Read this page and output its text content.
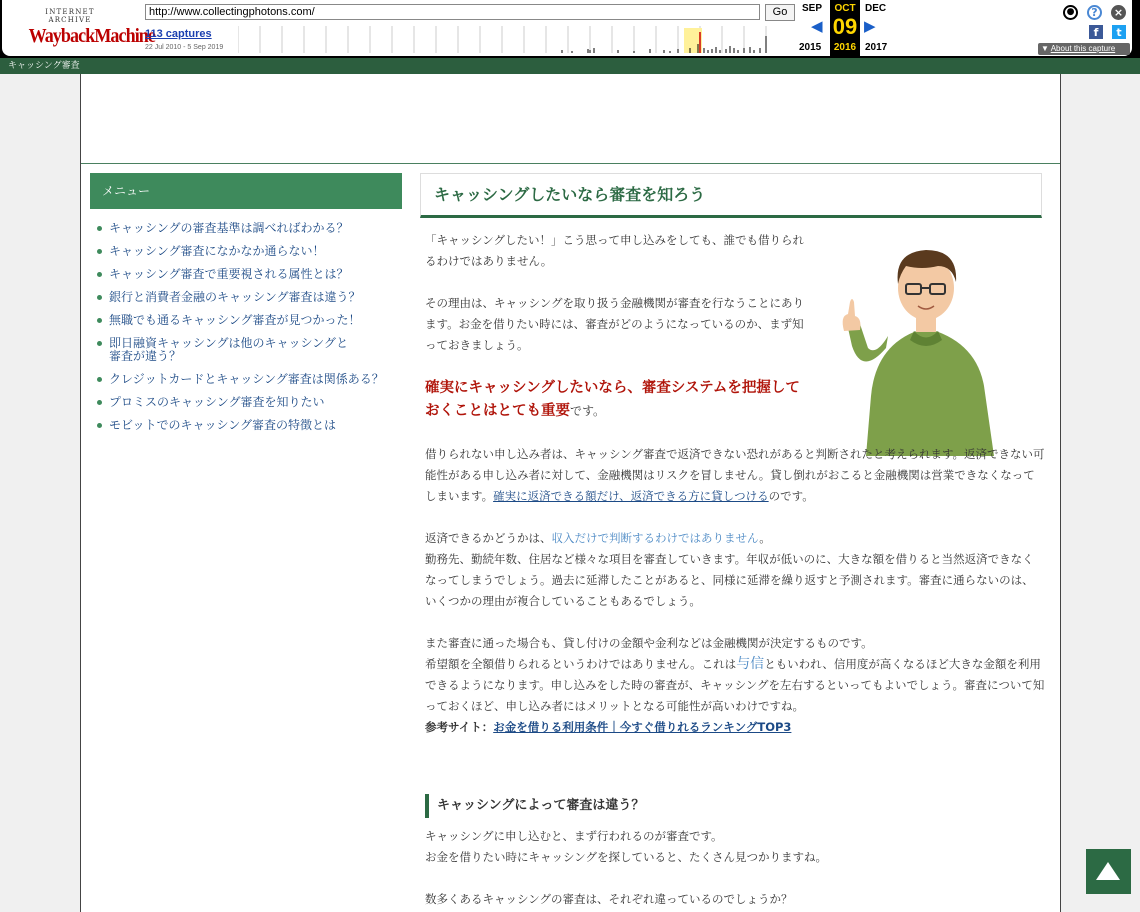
INTERNET ARCHIVE
WaybackMachine
http://www.collectingphotons.com/
Go
113 captures
22 Jul 2010 - 5 Sep 2019
SEP
◀
2015
OCT
09
2016
DEC
▶
2017
●	?	×
f	t
▼ About this capture
キャッシング審査
メニュー
キャッシングの審査基準は調べればわかる？
キャッシング審査になかなか通らない！
キャッシング審査で重要視される属性とは？
銀行と消費者金融のキャッシング審査は違う？
無職でも通るキャッシング審査が見つかった！
即日融資キャッシングは他のキャッシングと審査が違う？
クレジットカードとキャッシング審査は関係ある？
プロミスのキャッシング審査を知りたい
モビットでのキャッシング審査の特徴とは
キャッシングしたいなら審査を知ろう

「キャッシングしたい！」こう思って申し込みをしても、誰でも借りられるわけではありません。

その理由は、キャッシングを取り扱う金融機関が審査を行なうことにあります。お金を借りたい時には、審査がどのようになっているのか、まず知っておきましょう。

確実にキャッシングしたいなら、審査システムを把握しておくことはとても重要です。

借りられない申し込み者は、キャッシング審査で返済できない恐れがあると判断されたと考えられます。返済できない可能性がある申し込み者に対して、金融機関はリスクを冒しません。貸し倒れがおこると金融機関は営業できなくなってしまいます。確実に返済できる額だけ、返済できる方に貸しつけるのです。

返済できるかどうかは、収入だけで判断するわけではありません。
勤務先、勤続年数、住居など様々な項目を審査していきます。年収が低いのに、大きな額を借りると当然返済できなくなってしまうでしょう。過去に延滞したことがあると、同様に延滞を繰り返すと予測されます。審査に通らないのは、いくつかの理由が複合していることもあるでしょう。

また審査に通った場合も、貸し付けの金額や金利などは金融機関が決定するものです。
希望額を全額借りられるというわけではありません。これは与信ともいわれ、信用度が高くなるほど大きな金額を利用できるようになります。申し込みをした時の審査が、キャッシングを左右するといってもよいでしょう。審査について知っておくほど、申し込み者にはメリットとなる可能性が高いわけですね。
参考サイト：お金を借りる利用条件｜今すぐ借りれるランキングTOP3

キャッシングによって審査は違う？

キャッシングに申し込むと、まず行われるのが審査です。
お金を借りたい時にキャッシングを探していると、たくさん見つかりますね。

数多くあるキャッシングの審査は、それぞれ違っているのでしょうか？
